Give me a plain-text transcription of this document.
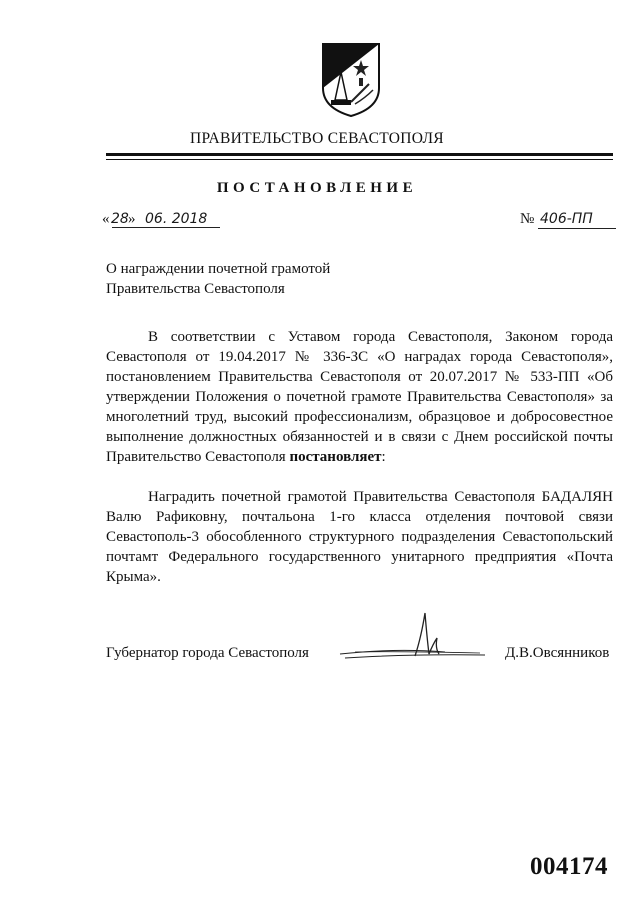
ПРАВИТЕЛЬСТВО СЕВАСТОПОЛЯ
ПОСТАНОВЛЕНИЕ
« 28 » 06. 2018	№ 406-ПП
О награждении почетной грамотой
Правительства Севастополя
В соответствии с Уставом города Севастополя, Законом города Севастополя от 19.04.2017 № 336-ЗС «О наградах города Севастополя», постановлением Правительства Севастополя от 20.07.2017 № 533-ПП «Об утверждении Положения о почетной грамоте Правительства Севастополя» за многолетний труд, высокий профессионализм, образцовое и добросовестное выполнение должностных обязанностей и в связи с Днем российской почты Правительство Севастополя постановляет:
Наградить почетной грамотой Правительства Севастополя БАДАЛЯН Валю Рафиковну, почтальона 1-го класса отделения почтовой связи Севастополь-3 обособленного структурного подразделения Севастопольский почтамт Федерального государственного унитарного предприятия «Почта Крыма».
Губернатор города Севастополя	Д.В.Овсянников
004174
